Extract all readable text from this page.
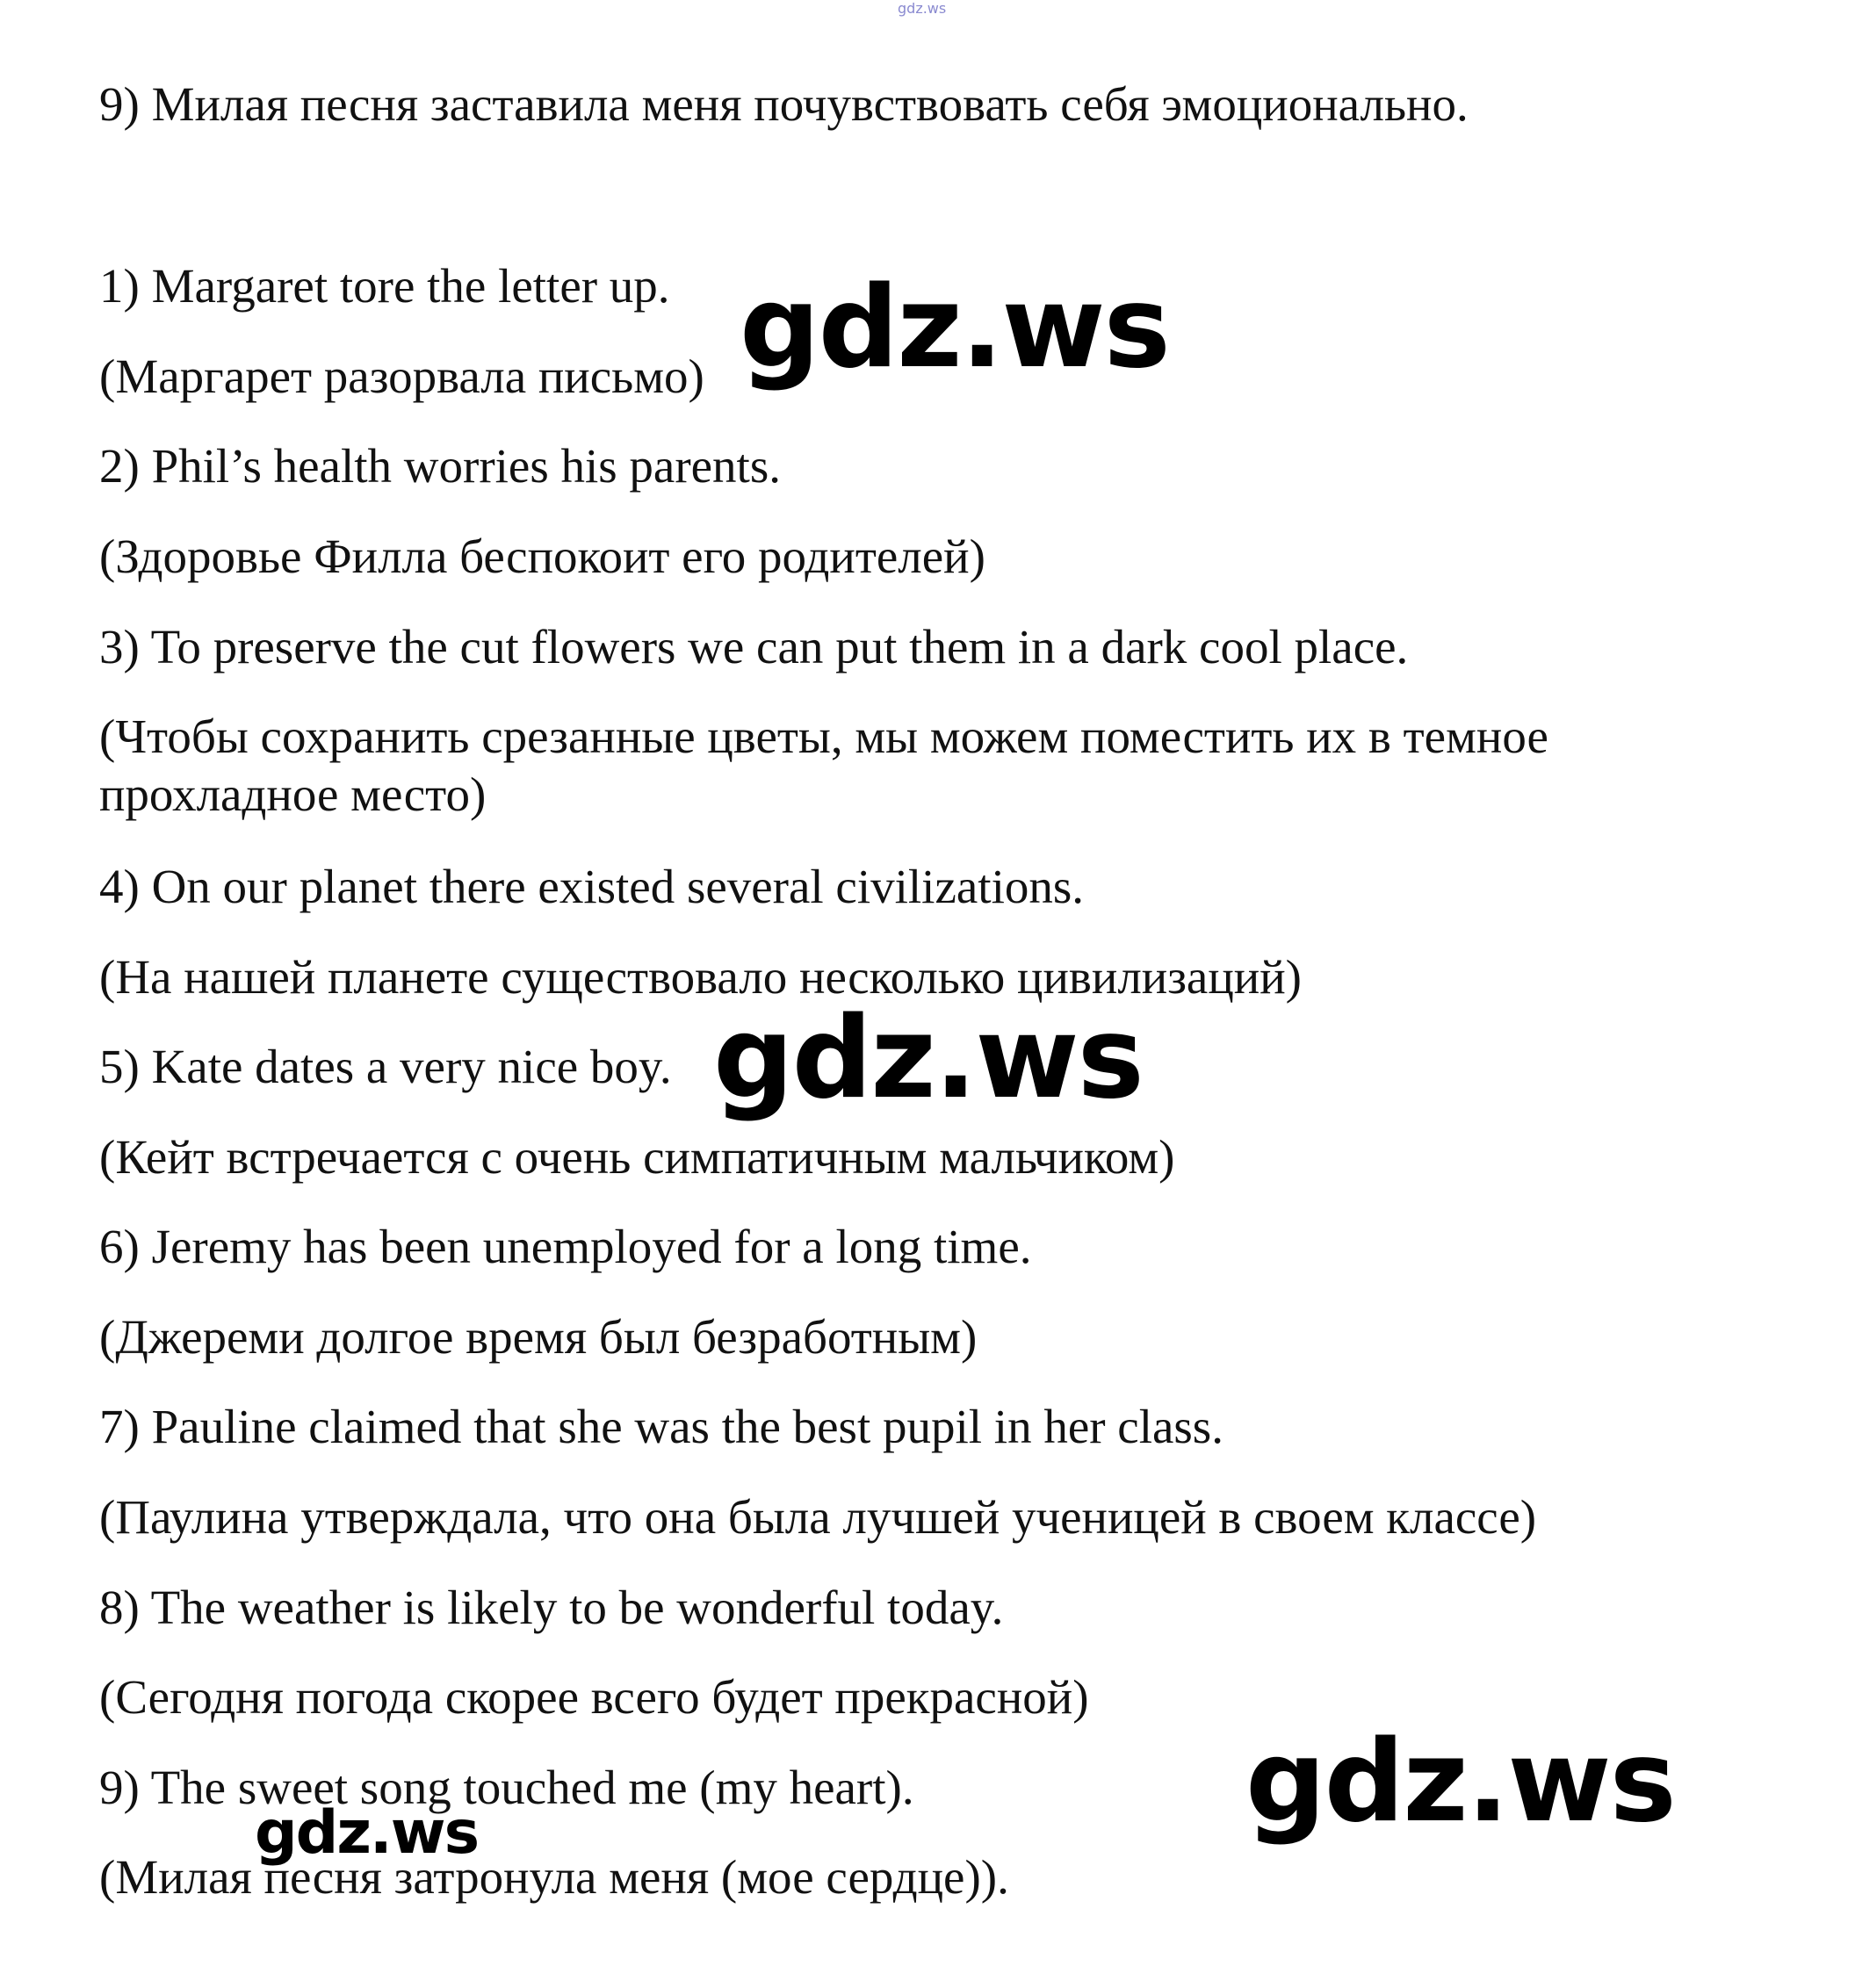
gdz.ws
9) Милая песня заставила меня почувствовать себя эмоционально.
1) Margaret tore the letter up.
(Маргарет разорвала письмо)
2) Phil’s health worries his parents.
(Здоровье Филла беспокоит его родителей)
3) To preserve the cut flowers we can put them in a dark cool place.
(Чтобы сохранить срезанные цветы, мы можем поместить их в темное прохладное место)
4) On our planet there existed several civilizations.
(На нашей планете существовало несколько цивилизаций)
5) Kate dates a very nice boy.
(Кейт встречается с очень симпатичным мальчиком)
6) Jeremy has been unemployed for a long time.
(Джереми долгое время был безработным)
7) Pauline claimed that she was the best pupil in her class.
(Паулина утверждала, что она была лучшей ученицей в своем классе)
8) The weather is likely to be wonderful today.
(Сегодня погода скорее всего будет прекрасной)
9) The sweet song touched me (my heart).
(Милая песня затронула меня (мое сердце)).
gdz.ws
gdz.ws
gdz.ws
gdz.ws
